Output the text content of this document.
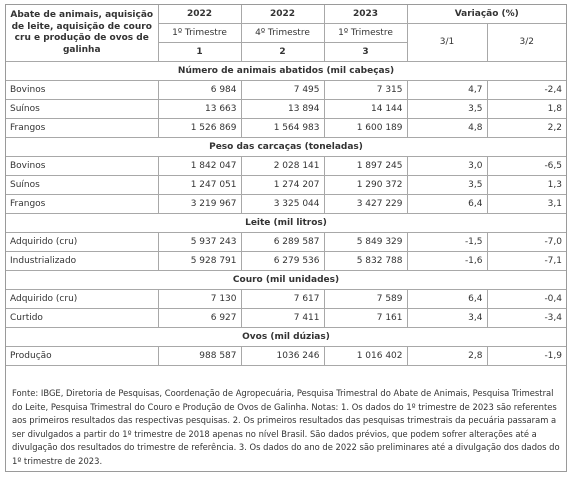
Abate de animais, aquisição de leite, aquisição de couro cru e produção de ovos de galinha	2022	2022	2023	Variação (%)	
	1º Trimestre	4º Trimestre	1º Trimestre	3/1	3/2
	1	2	3		
Número de animais abatidos (mil cabeças)					
Bovinos	6 984	7 495	7 315	4,7	-2,4
Suínos	13 663	13 894	14 144	3,5	1,8
Frangos	1 526 869	1 564 983	1 600 189	4,8	2,2
Peso das carcaças (toneladas)					
Bovinos	1 842 047	2 028 141	1 897 245	3,0	-6,5
Suínos	1 247 051	1 274 207	1 290 372	3,5	1,3
Frangos	3 219 967	3 325 044	3 427 229	6,4	3,1
Leite (mil litros)					
Adquirido (cru)	5 937 243	6 289 587	5 849 329	-1,5	-7,0
Industrializado	5 928 791	6 279 536	5 832 788	-1,6	-7,1
Couro (mil unidades)					
Adquirido (cru)	7 130	7 617	7 589	6,4	-0,4
Curtido	6 927	7 411	7 161	3,4	-3,4
Ovos (mil dúzias)					
Produção	988 587	1036 246	1 016 402	2,8	-1,9
Fonte: IBGE, Diretoria de Pesquisas, Coordenação de Agropecuária, Pesquisa Trimestral do Abate de Animais, Pesquisa Trimestral do Leite, Pesquisa Trimestral do Couro e Produção de Ovos de Galinha. Notas: 1. Os dados do 1º trimestre de 2023 são referentes aos primeiros resultados das respectivas pesquisas. 2. Os primeiros resultados das pesquisas trimestrais da pecuária passaram a ser divulgados a partir do 1º trimestre de 2018 apenas no nível Brasil. São dados prévios, que podem sofrer alterações até a divulgação dos resultados do trimestre de referência. 3. Os dados do ano de 2022 são preliminares até a divulgação dos dados do 1º trimestre de 2023.
